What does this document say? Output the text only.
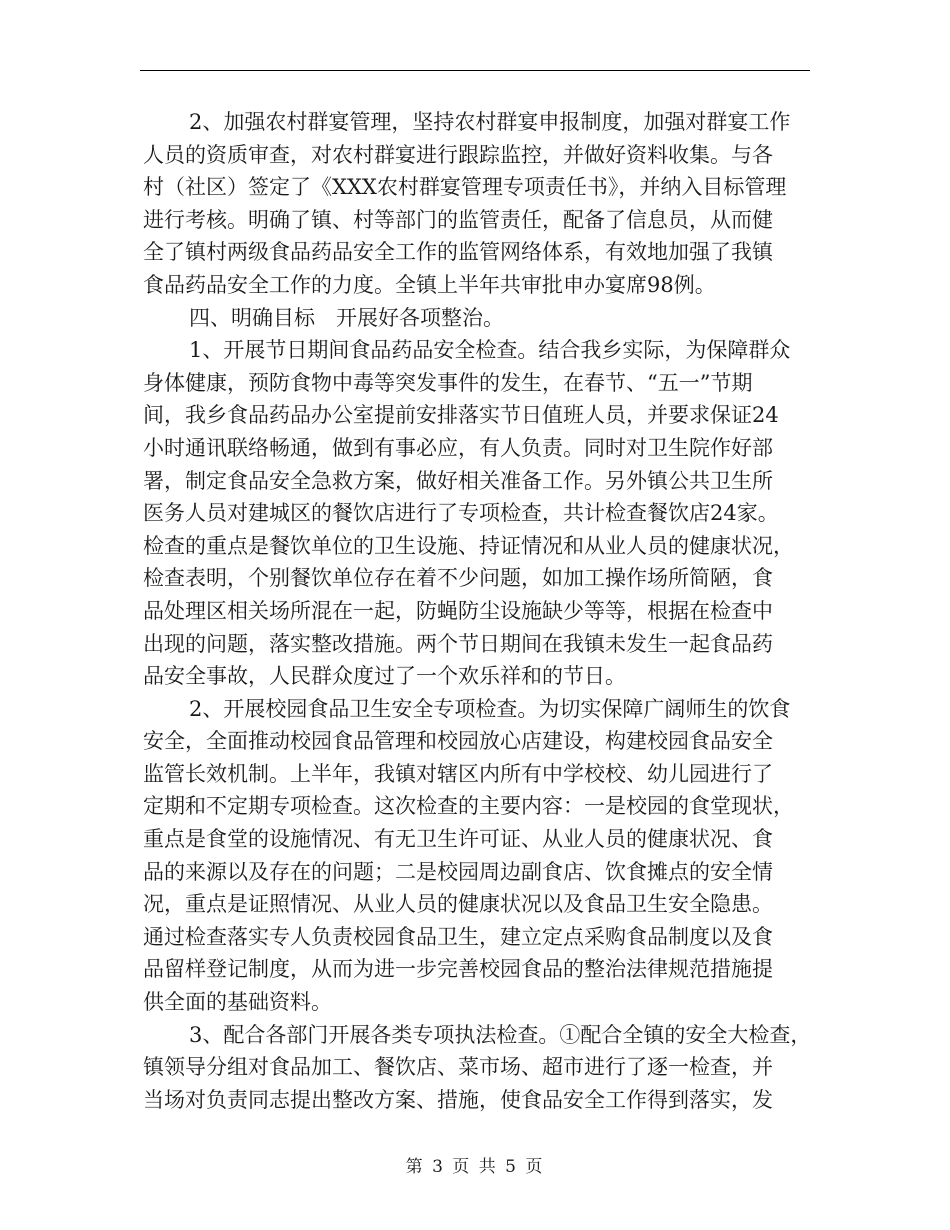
2、加强农村群宴管理，坚持农村群宴申报制度，加强对群宴工作
人员的资质审查，对农村群宴进行跟踪监控，并做好资料收集。与各
村（社区）签定了《XXX农村群宴管理专项责任书》，并纳入目标管理
进行考核。明确了镇、村等部门的监管责任，配备了信息员，从而健
全了镇村两级食品药品安全工作的监管网络体系，有效地加强了我镇
食品药品安全工作的力度。全镇上半年共审批申办宴席98例。
四、明确目标　开展好各项整治。
1、开展节日期间食品药品安全检查。结合我乡实际，为保障群众
身体健康，预防食物中毒等突发事件的发生，在春节、“五一”节期
间，我乡食品药品办公室提前安排落实节日值班人员，并要求保证24
小时通讯联络畅通，做到有事必应，有人负责。同时对卫生院作好部
署，制定食品安全急救方案，做好相关准备工作。另外镇公共卫生所
医务人员对建城区的餐饮店进行了专项检查，共计检查餐饮店24家。
检查的重点是餐饮单位的卫生设施、持证情况和从业人员的健康状况，
检查表明，个别餐饮单位存在着不少问题，如加工操作场所简陋，食
品处理区相关场所混在一起，防蝇防尘设施缺少等等，根据在检查中
出现的问题，落实整改措施。两个节日期间在我镇未发生一起食品药
品安全事故，人民群众度过了一个欢乐祥和的节日。
2、开展校园食品卫生安全专项检查。为切实保障广阔师生的饮食
安全，全面推动校园食品管理和校园放心店建设，构建校园食品安全
监管长效机制。上半年，我镇对辖区内所有中学校校、幼儿园进行了
定期和不定期专项检查。这次检查的主要内容：一是校园的食堂现状，
重点是食堂的设施情况、有无卫生许可证、从业人员的健康状况、食
品的来源以及存在的问题；二是校园周边副食店、饮食摊点的安全情
况，重点是证照情况、从业人员的健康状况以及食品卫生安全隐患。
通过检查落实专人负责校园食品卫生，建立定点采购食品制度以及食
品留样登记制度，从而为进一步完善校园食品的整治法律规范措施提
供全面的基础资料。
3、配合各部门开展各类专项执法检查。①配合全镇的安全大检查，
镇领导分组对食品加工、餐饮店、菜市场、超市进行了逐一检查，并
当场对负责同志提出整改方案、措施，使食品安全工作得到落实，发
第 3 页 共 5 页
